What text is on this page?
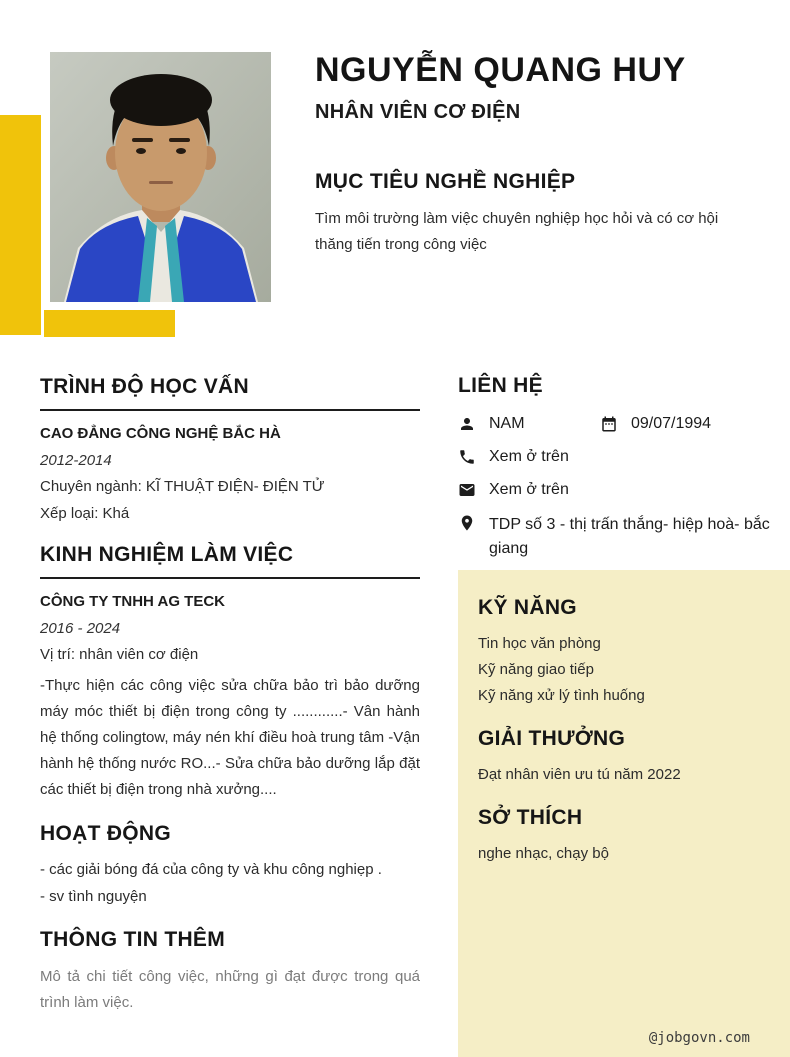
NGUYỄN QUANG HUY
NHÂN VIÊN CƠ ĐIỆN
MỤC TIÊU NGHỀ NGHIỆP

Tìm môi trường làm việc chuyên nghiệp học hỏi và có cơ hội thăng tiến trong công việc

TRÌNH ĐỘ HỌC VẤN
CAO ĐẲNG CÔNG NGHỆ BẮC HÀ
2012-2014
Chuyên ngành: KĨ THUẬT ĐIỆN- ĐIỆN TỬ
Xếp loại: Khá
KINH NGHIỆM LÀM VIỆC
CÔNG TY TNHH AG TECK
2016 - 2024
Vị trí: nhân viên cơ điện

-Thực hiện các công việc sửa chữa bảo trì bảo dưỡng máy móc thiết bị điện trong công ty ............- Vân hành hệ thống colingtow, máy nén khí điều hoà trung tâm -Vận hành hệ thống nước RO...- Sửa chữa bảo dưỡng lắp đặt các thiết bị điện trong nhà xưởng....

HOẠT ĐỘNG
- các giải bóng đá của công ty và khu công nghiẹp .
- sv tình nguyện
THÔNG TIN THÊM

Mô tả chi tiết công việc, những gì đạt được trong quá trình làm việc.

LIÊN HỆ
NAM	09/07/1994
Xem ở trên
Xem ở trên
TDP số 3 - thị trấn thắng- hiệp hoà- bắc giang
KỸ NĂNG
Tin học văn phòng
Kỹ năng giao tiếp
Kỹ năng xử lý tình huống
GIẢI THƯỞNG
Đạt nhân viên ưu tú năm 2022
SỞ THÍCH
nghe nhạc, chạy bộ
@jobgovn.com
